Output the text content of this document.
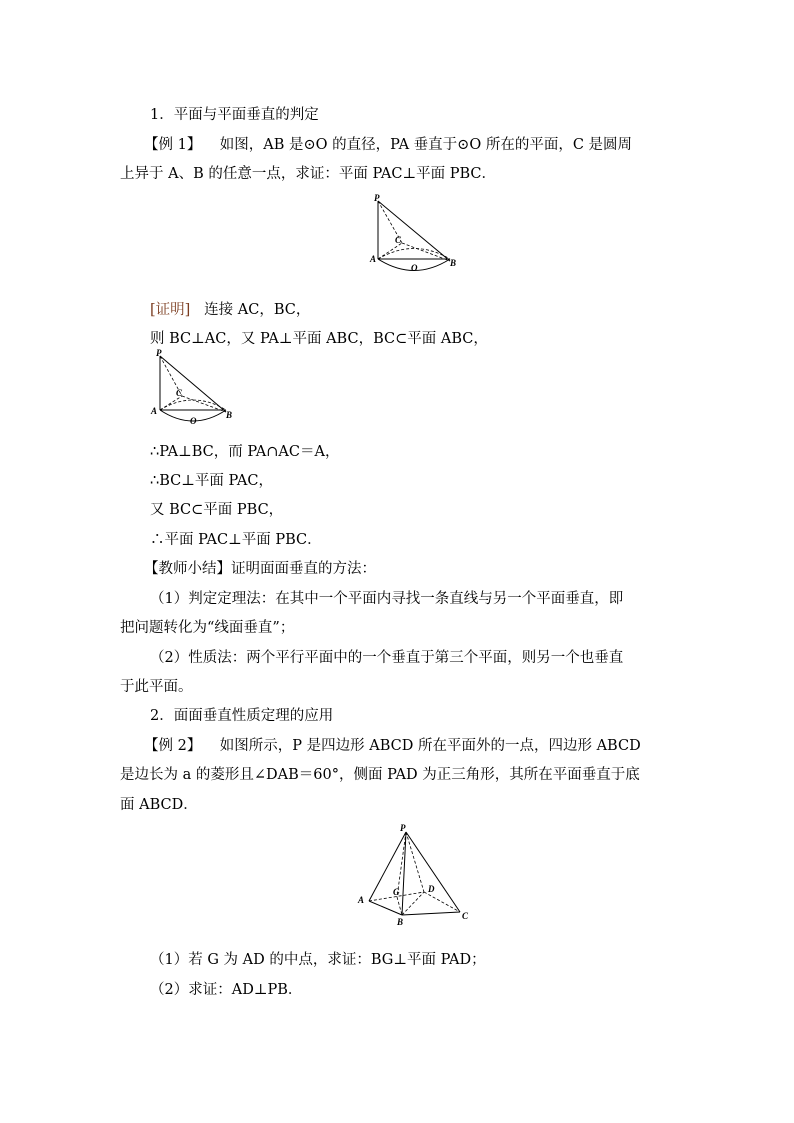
1．平面与平面垂直的判定
【例 1】 如图，AB 是⊙O 的直径，PA 垂直于⊙O 所在的平面，C 是圆周
上异于 A、B 的任意一点，求证：平面 PAC⊥平面 PBC．
P
C
A
O	B
[证明] 连接 AC，BC，
则 BC⊥AC，又 PA⊥平面 ABC，BC⊂平面 ABC，
P
C
A
O
B
∴PA⊥BC，而 PA∩AC＝A，
∴BC⊥平面 PAC，
又 BC⊂平面 PBC，
∴平面 PAC⊥平面 PBC．
【教师小结】证明面面垂直的方法：
（1）判定定理法：在其中一个平面内寻找一条直线与另一个平面垂直，即
把问题转化为“线面垂直”；
（2）性质法：两个平行平面中的一个垂直于第三个平面，则另一个也垂直
于此平面。
2．面面垂直性质定理的应用
【例 2】 如图所示，P 是四边形 ABCD 所在平面外的一点，四边形 ABCD
是边长为 a 的菱形且∠DAB＝60°，侧面 PAD 为正三角形，其所在平面垂直于底
面 ABCD．
P
G	D
A
B
C
（1）若 G 为 AD 的中点，求证：BG⊥平面 PAD；
（2）求证：AD⊥PB．
